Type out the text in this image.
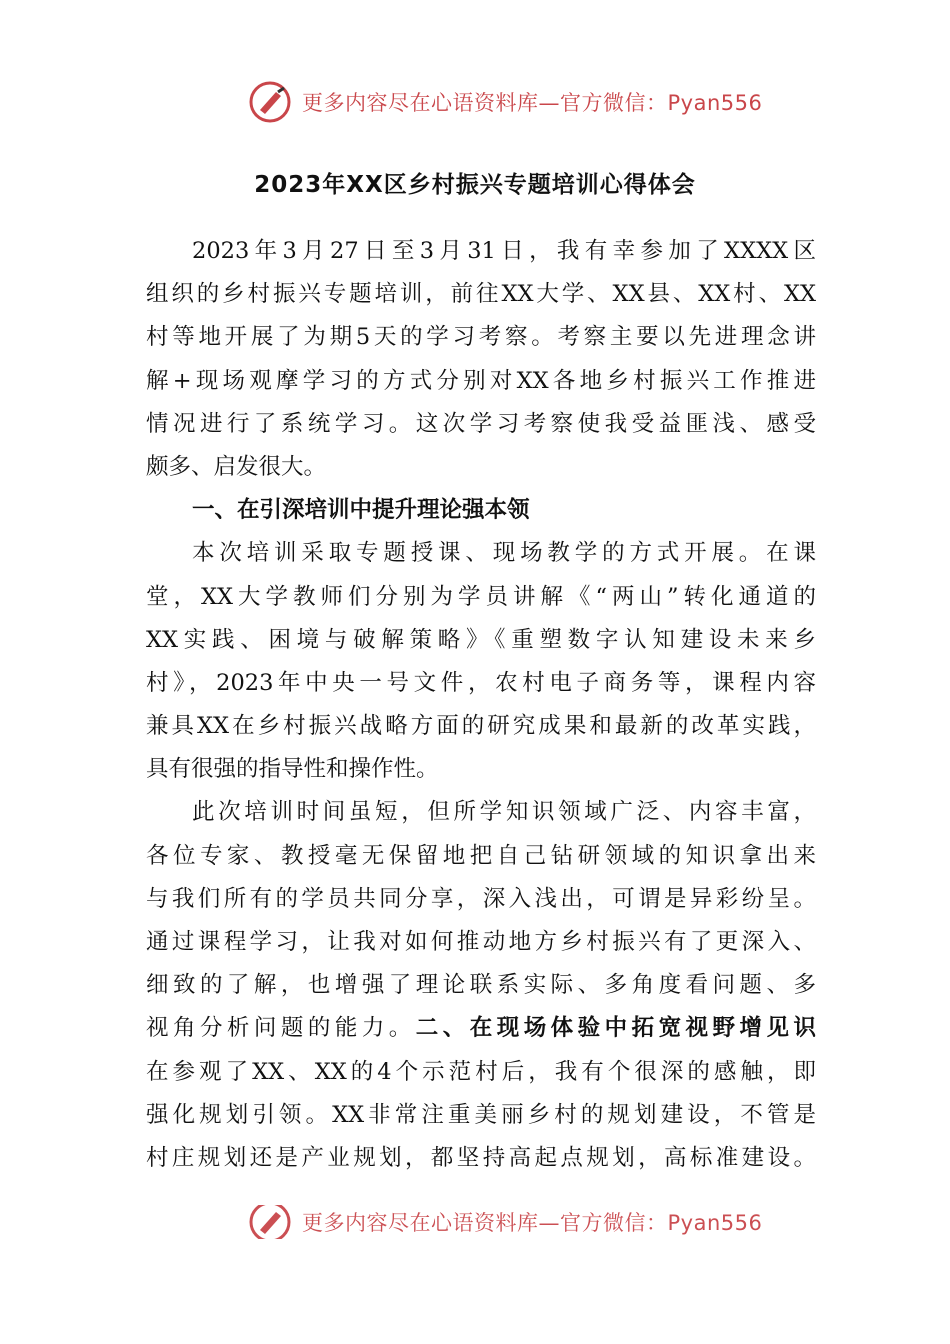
更多内容尽在心语资料库—官方微信：Pyan556
2023年XX区乡村振兴专题培训心得体会
2023年3月27日至3月31日，我有幸参加了XXXX区
组织的乡村振兴专题培训，前往XX大学、XX县、XX村、XX
村等地开展了为期5天的学习考察。考察主要以先进理念讲
解+现场观摩学习的方式分别对XX各地乡村振兴工作推进
情况进行了系统学习。这次学习考察使我受益匪浅、感受
颇多、启发很大。
一、在引深培训中提升理论强本领
本次培训采取专题授课、现场教学的方式开展。在课
堂，XX大学教师们分别为学员讲解《“两山”转化通道的
XX实践、困境与破解策略》《重塑数字认知建设未来乡
村》，2023年中央一号文件，农村电子商务等，课程内容
兼具XX在乡村振兴战略方面的研究成果和最新的改革实践，
具有很强的指导性和操作性。
此次培训时间虽短，但所学知识领域广泛、内容丰富，
各位专家、教授毫无保留地把自己钻研领域的知识拿出来
与我们所有的学员共同分享，深入浅出，可谓是异彩纷呈。
通过课程学习，让我对如何推动地方乡村振兴有了更深入、
细致的了解，也增强了理论联系实际、多角度看问题、多
视角分析问题的能力。二、在现场体验中拓宽视野增见识
在参观了XX、XX的4个示范村后，我有个很深的感触，即
强化规划引领。XX非常注重美丽乡村的规划建设，不管是
村庄规划还是产业规划，都坚持高起点规划，高标准建设。
更多内容尽在心语资料库—官方微信：Pyan556
